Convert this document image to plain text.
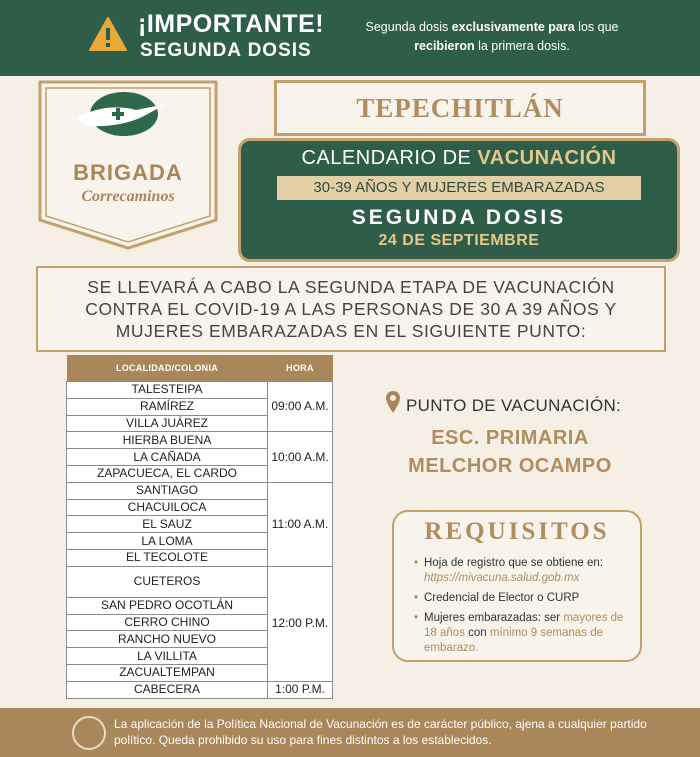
¡IMPORTANTE!
SEGUNDA DOSIS
Segunda dosis exclusivamente para los que recibieron la primera dosis.
BRIGADA
Correcaminos
TEPECHITLÁN
CALENDARIO DE VACUNACIÓN
30-39 AÑOS Y MUJERES EMBARAZADAS
SEGUNDA DOSIS
24 DE SEPTIEMBRE
SE LLEVARÁ A CABO LA SEGUNDA ETAPA DE VACUNACIÓN
CONTRA EL COVID-19 A LAS PERSONAS DE 30 A 39 AÑOS Y
MUJERES EMBARAZADAS EN EL SIGUIENTE PUNTO:
LOCALIDAD/COLONIA	HORA
TALESTEIPA	09:00 A.M.
RAMÍREZ	
VILLA JUÁREZ	
HIERBA BUENA	10:00 A.M.
LA CAÑADA	
ZAPACUECA, EL CARDO	
SANTIAGO	11:00 A.M.
CHACUILOCA	
EL SAUZ	
LA LOMA	
EL TECOLOTE	
CUETEROS	12:00 P.M.
SAN PEDRO OCOTLÁN	
CERRO CHINO	
RANCHO NUEVO	
LA VILLITA	
ZACUALTEMPAN	
CABECERA	1:00 P.M.
PUNTO DE VACUNACIÓN:
ESC. PRIMARIA
MELCHOR OCAMPO
REQUISITOS
• Hoja de registro que se obtiene en: https://mivacuna.salud.gob.mx
• Credencial de Elector o CURP
• Mujeres embarazadas: ser mayores de 18 años con mínimo 9 semanas de embarazo.
La aplicación de la Política Nacional de Vacunación es de carácter público, ajena a cualquier partido político. Queda prohibido su uso para fines distintos a los establecidos.
